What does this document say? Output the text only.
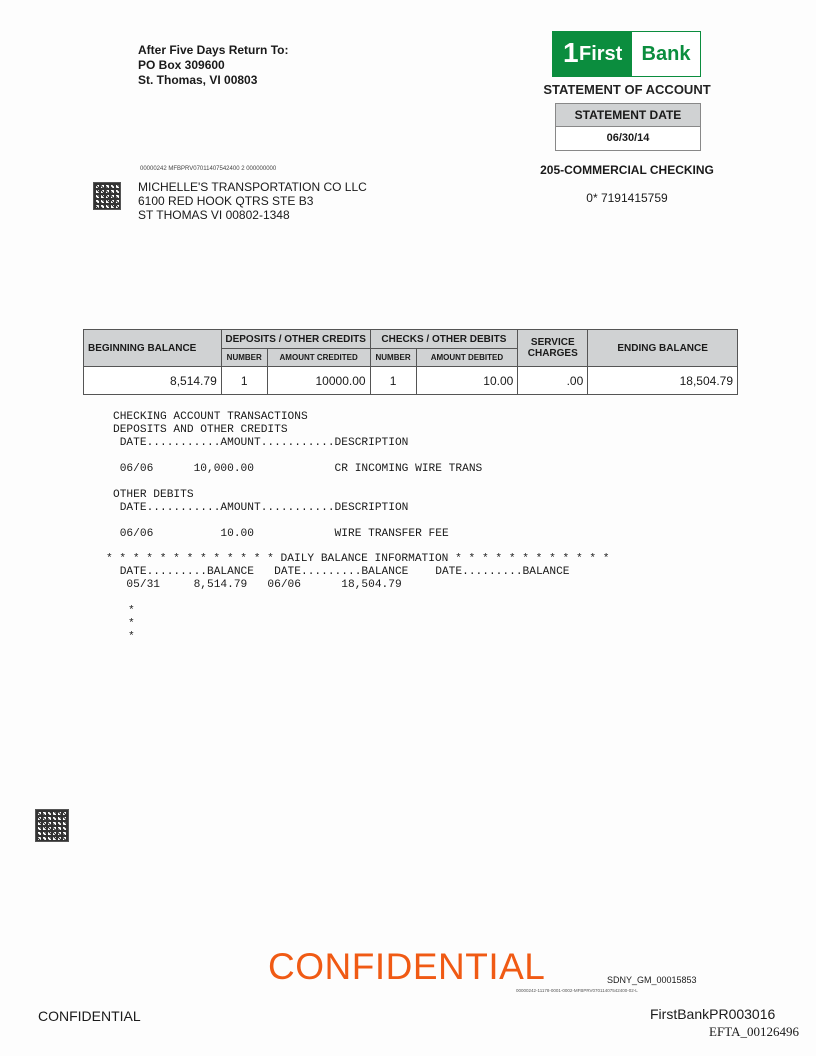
After Five Days Return To:
PO Box 309600
St. Thomas, VI 00803
1 First Bank
STATEMENT OF ACCOUNT
STATEMENT DATE
06/30/14
205-COMMERCIAL CHECKING
0* 7191415759
00000242 MFBPRV07011407542400 2 000000000
MICHELLE'S TRANSPORTATION CO LLC
6100 RED HOOK QTRS STE B3
ST THOMAS VI 00802-1348
BEGINNING BALANCE	DEPOSITS / OTHER CREDITS		CHECKS / OTHER DEBITS		SERVICE
CHARGES	ENDING BALANCE
	NUMBER	AMOUNT CREDITED	NUMBER	AMOUNT DEBITED		
8,514.79	1	10000.00	1	10.00	.00	18,504.79

CHECKING ACCOUNT TRANSACTIONS

DEPOSITS AND OTHER CREDITS

DATE...........AMOUNT...........DESCRIPTION

06/06      10,000.00            CR INCOMING WIRE TRANS

OTHER DEBITS

DATE...........AMOUNT...........DESCRIPTION

06/06          10.00            WIRE TRANSFER FEE

* * * * * * * * * * * * * DAILY BALANCE INFORMATION * * * * * * * * * * * *

DATE.........BALANCE   DATE.........BALANCE    DATE.........BALANCE

05/31     8,514.79   06/06      18,504.79

*

*

*

CONFIDENTIAL	SDNY_GM_00015853
00000242-11178-0001-0002-MFBPRV07011407542400-02-L
CONFIDENTIAL	FirstBankPR003016
EFTA_00126496
